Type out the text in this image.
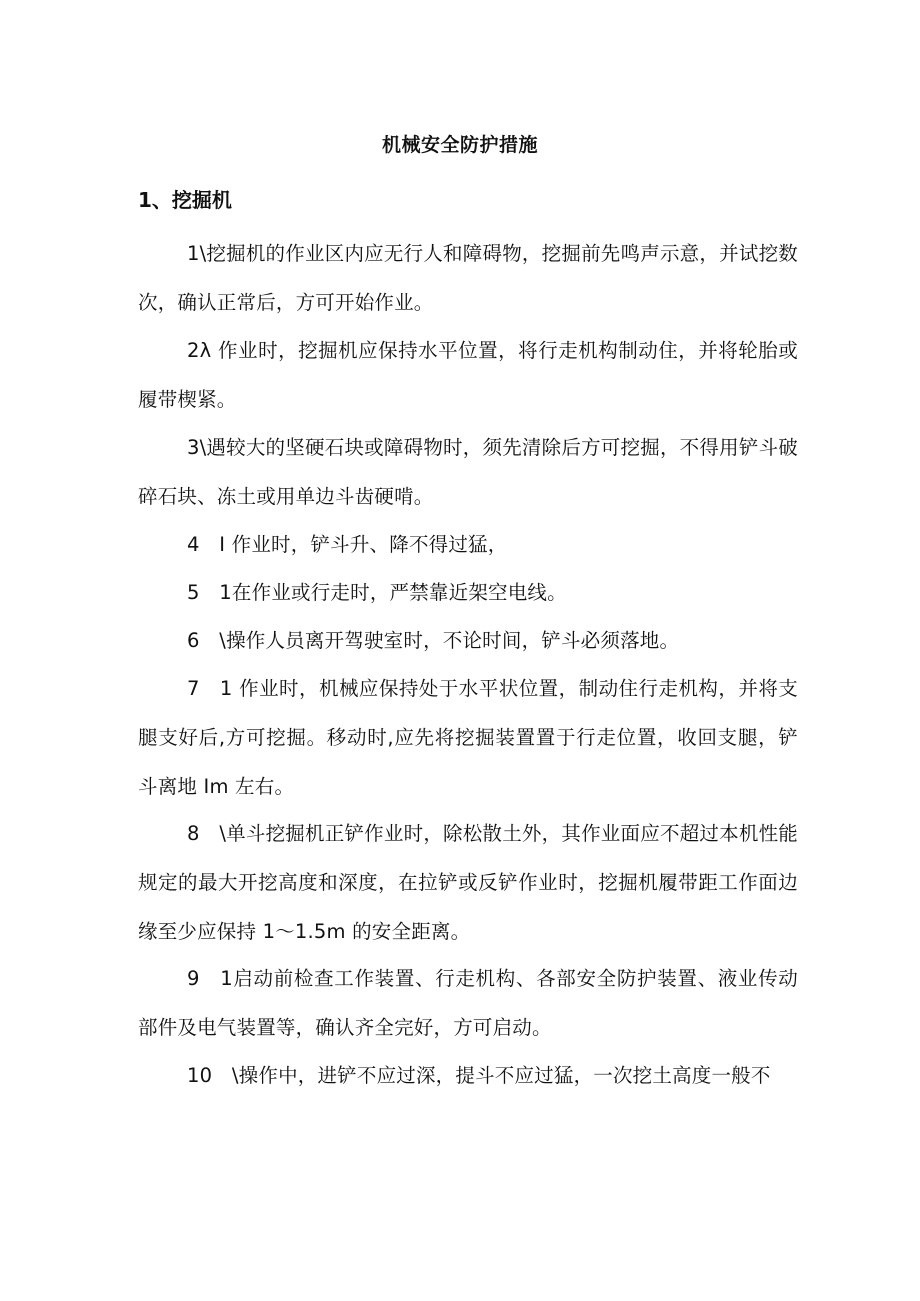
机械安全防护措施
1、挖掘机
1\挖掘机的作业区内应无行人和障碍物，挖掘前先鸣声示意，并试挖数次，确认正常后，方可开始作业。
2λ 作业时，挖掘机应保持水平位置，将行走机构制动住，并将轮胎或履带楔紧。
3\遇较大的坚硬石块或障碍物时，须先清除后方可挖掘，不得用铲斗破碎石块、冻土或用单边斗齿硬啃。
4　I 作业时，铲斗升、降不得过猛，
5　1在作业或行走时，严禁靠近架空电线。
6　\操作人员离开驾驶室时，不论时间，铲斗必须落地。
7　1 作业时，机械应保持处于水平状位置，制动住行走机构，并将支腿支好后,方可挖掘。移动时,应先将挖掘装置置于行走位置，收回支腿，铲斗离地 Im 左右。
8　\单斗挖掘机正铲作业时，除松散土外，其作业面应不超过本机性能规定的最大开挖高度和深度，在拉铲或反铲作业时，挖掘机履带距工作面边缘至少应保持 1～1.5m 的安全距离。
9　1启动前检查工作装置、行走机构、各部安全防护装置、液业传动部件及电气装置等，确认齐全完好，方可启动。
10　\操作中，进铲不应过深，提斗不应过猛，一次挖土高度一般不
